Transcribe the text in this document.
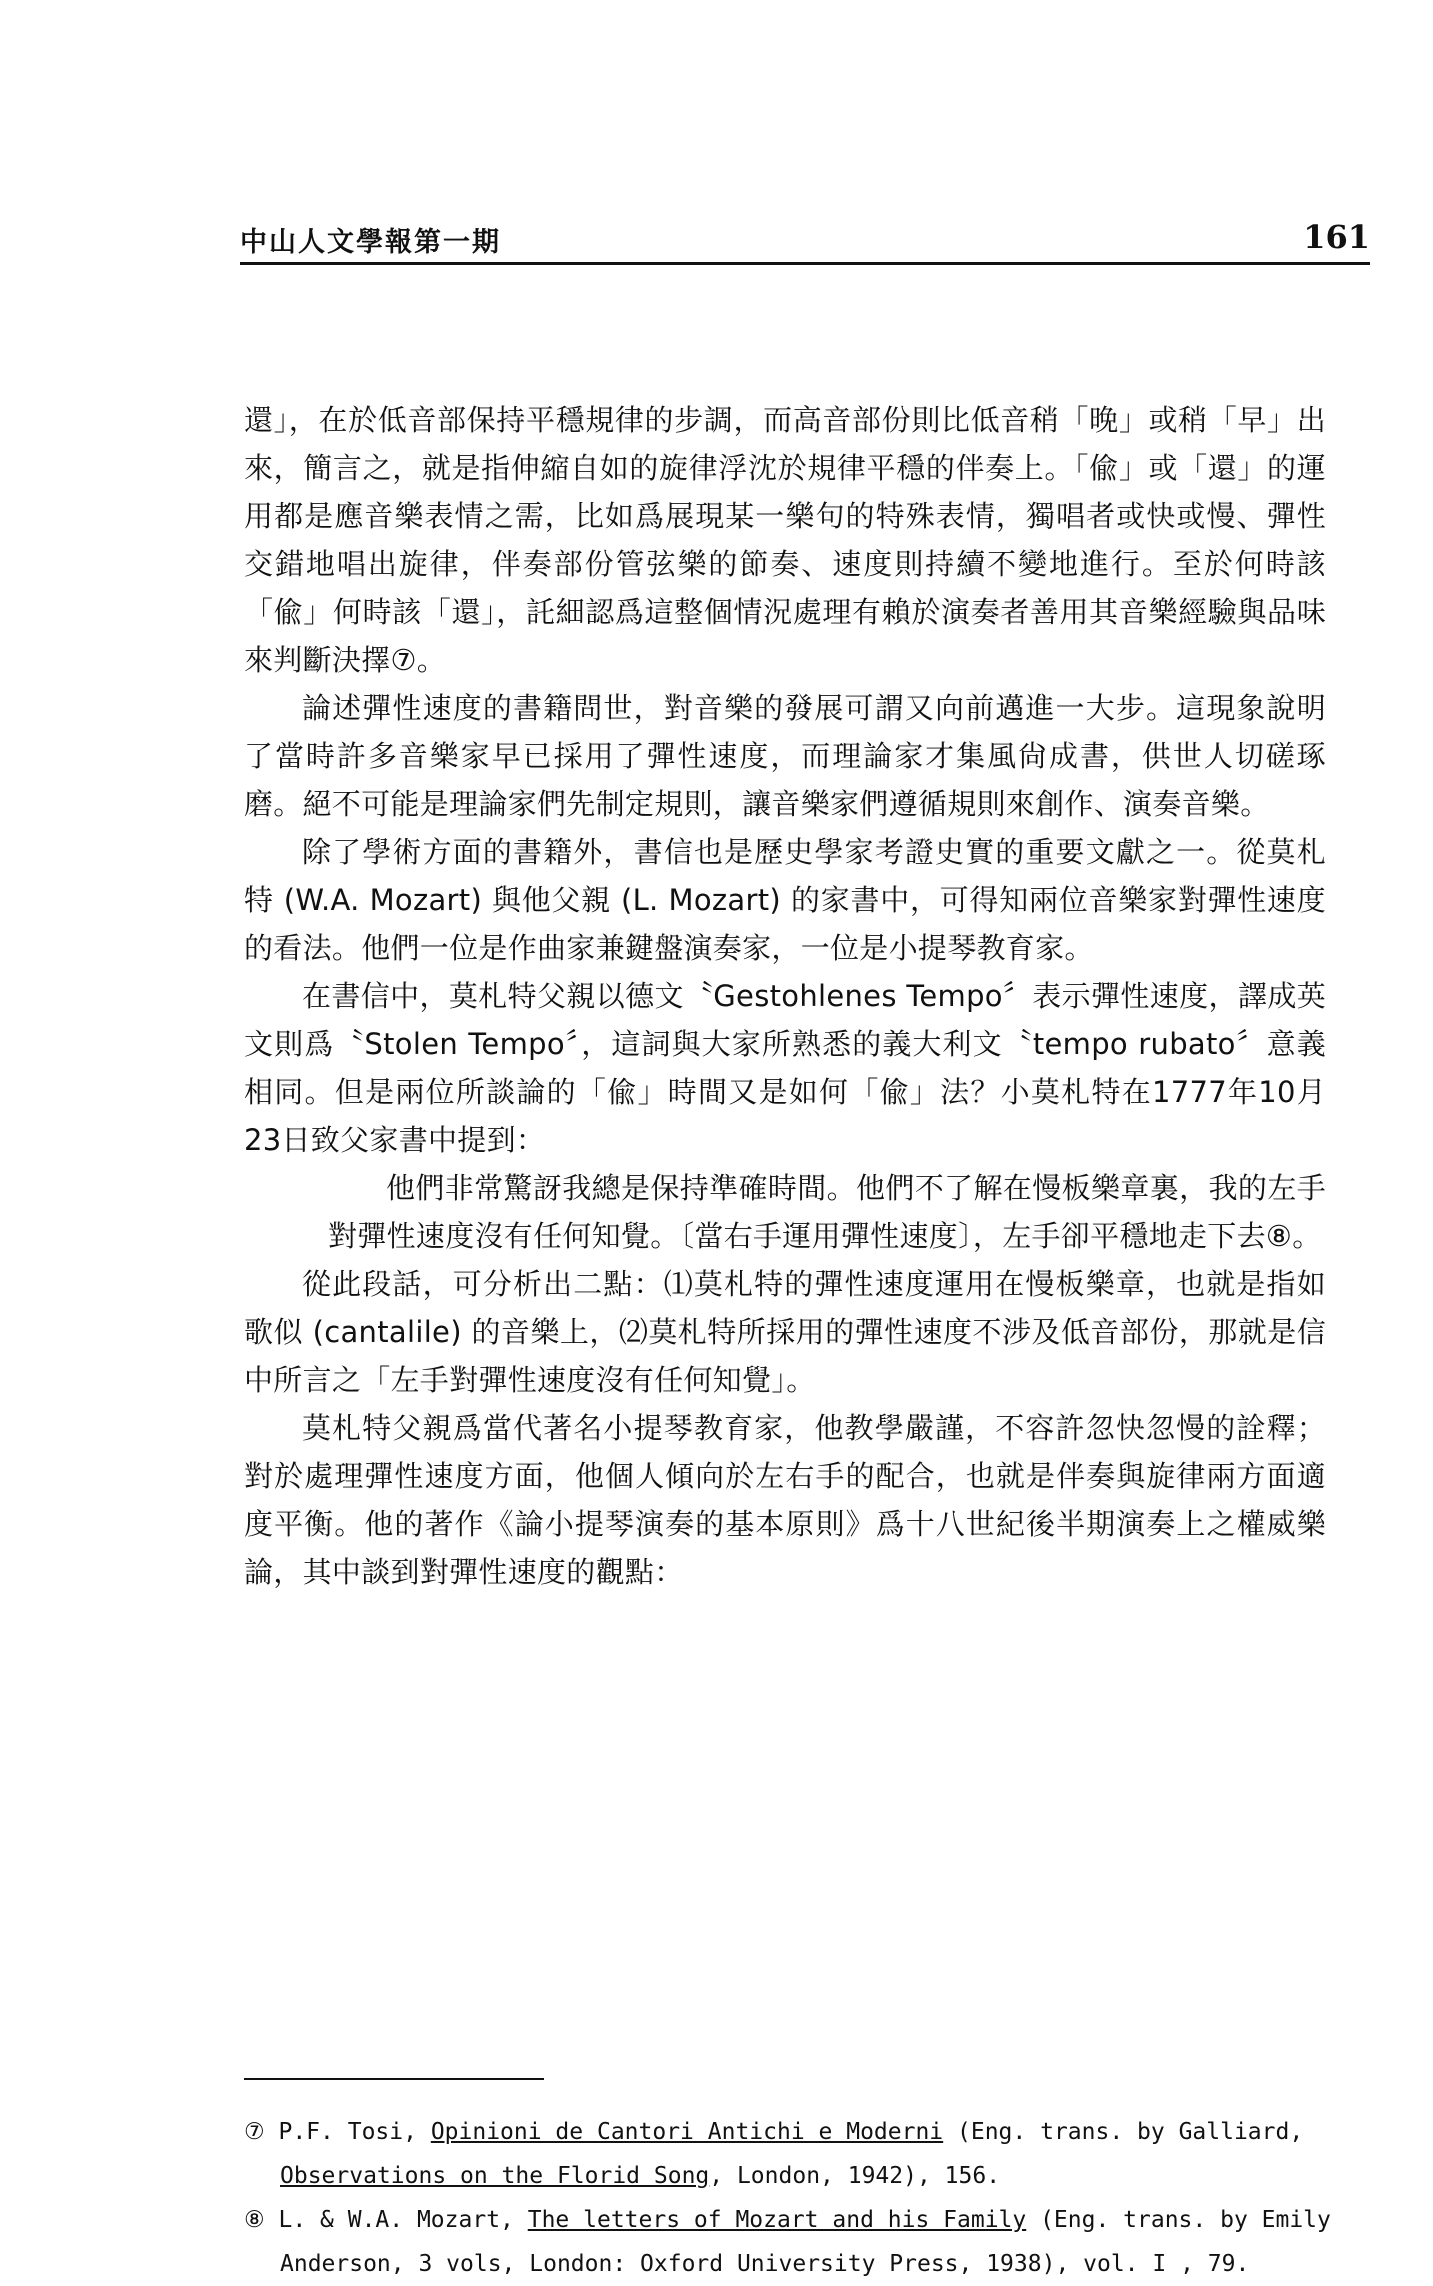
中山人文學報第一期	161

還」，在於低音部保持平穩規律的步調，而高音部份則比低音稍「晚」或稍「早」出來，簡言之，就是指伸縮自如的旋律浮沈於規律平穩的伴奏上。「偸」或「還」的運用都是應音樂表情之需，比如爲展現某一樂句的特殊表情，獨唱者或快或慢、彈性交錯地唱出旋律，伴奏部份管弦樂的節奏、速度則持續不變地進行。至於何時該「偸」何時該「還」，託細認爲這整個情況處理有賴於演奏者善用其音樂經驗與品味來判斷決擇⑦。

論述彈性速度的書籍問世，對音樂的發展可謂又向前邁進一大步。這現象說明了當時許多音樂家早已採用了彈性速度，而理論家才集風尙成書，供世人切磋琢磨。絕不可能是理論家們先制定規則，讓音樂家們遵循規則來創作、演奏音樂。

除了學術方面的書籍外，書信也是歷史學家考證史實的重要文獻之一。從莫札特 (W.A. Mozart) 與他父親 (L. Mozart) 的家書中，可得知兩位音樂家對彈性速度的看法。他們一位是作曲家兼鍵盤演奏家，一位是小提琴教育家。

在書信中，莫札特父親以德文〝Gestohlenes Tempo〞表示彈性速度，譯成英文則爲〝Stolen Tempo〞，這詞與大家所熟悉的義大利文〝tempo rubato〞意義相同。但是兩位所談論的「偸」時間又是如何「偸」法？小莫札特在1777年10月23日致父家書中提到：

他們非常驚訝我總是保持準確時間。他們不了解在慢板樂章裏，我的左手對彈性速度沒有任何知覺。〔當右手運用彈性速度〕，左手卻平穩地走下去⑧。

從此段話，可分析出二點：⑴莫札特的彈性速度運用在慢板樂章，也就是指如歌似 (cantalile) 的音樂上，⑵莫札特所採用的彈性速度不涉及低音部份，那就是信中所言之「左手對彈性速度沒有任何知覺」。

莫札特父親爲當代著名小提琴教育家，他教學嚴謹，不容許忽快忽慢的詮釋；對於處理彈性速度方面，他個人傾向於左右手的配合，也就是伴奏與旋律兩方面適度平衡。他的著作《論小提琴演奏的基本原則》爲十八世紀後半期演奏上之權威樂論，其中談到對彈性速度的觀點：

⑦ P.F. Tosi, Opinioni de Cantori Antichi e Moderni (Eng. trans. by Galliard, Observations on the Florid Song, London, 1942), 156.

⑧ L. & W.A. Mozart, The letters of Mozart and his Family (Eng. trans. by Emily Anderson, 3 vols, London: Oxford University Press, 1938), vol. I , 79.
